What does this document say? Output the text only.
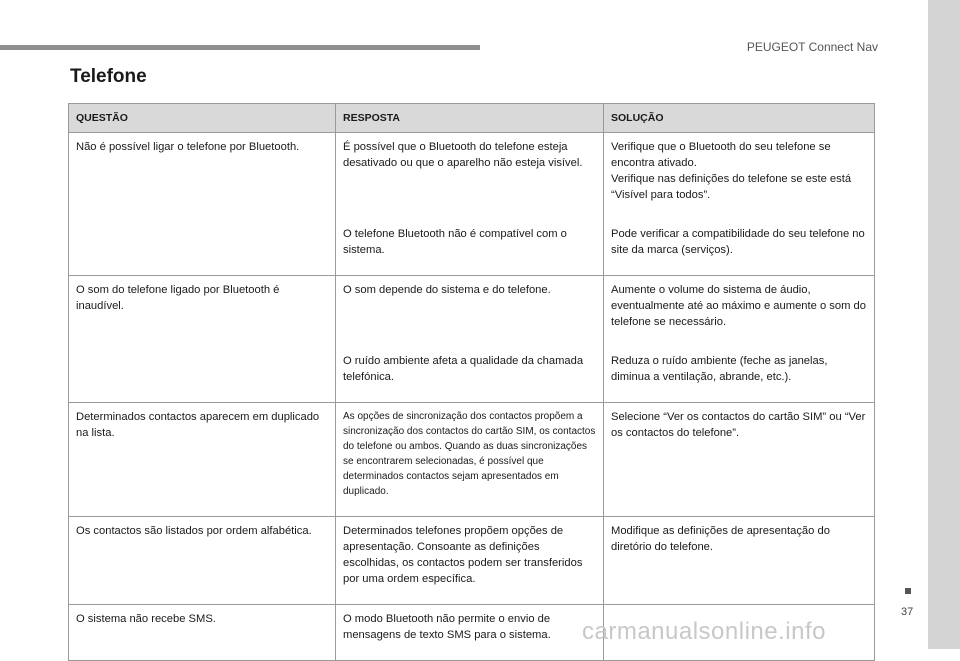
PEUGEOT Connect Nav
Telefone
QUESTÃO	RESPOSTA	SOLUÇÃO
Não é possível ligar o telefone por Bluetooth.	É possível que o Bluetooth do telefone esteja desativado ou que o aparelho não esteja visível.	Verifique que o Bluetooth do seu telefone se encontra ativado.
Verifique nas definições do telefone se este está “Visível para todos”.
	O telefone Bluetooth não é compatível com o sistema.	Pode verificar a compatibilidade do seu telefone no site da marca (serviços).
O som do telefone ligado por Bluetooth é inaudível.	O som depende do sistema e do telefone.	Aumente o volume do sistema de áudio, eventualmente até ao máximo e aumente o som do telefone se necessário.
	O ruído ambiente afeta a qualidade da chamada telefónica.	Reduza o ruído ambiente (feche as janelas, diminua a ventilação, abrande, etc.).
Determinados contactos aparecem em duplicado na lista.	As opções de sincronização dos contactos propõem a sincronização dos contactos do cartão SIM, os contactos do telefone ou ambos. Quando as duas sincronizações se encontrarem selecionadas, é possível que determinados contactos sejam apresentados em duplicado.	Selecione “Ver os contactos do cartão SIM” ou “Ver os contactos do telefone”.
Os contactos são listados por ordem alfabética.	Determinados telefones propõem opções de apresentação. Consoante as definições escolhidas, os contactos podem ser transferidos por uma ordem específica.	Modifique as definições de apresentação do diretório do telefone.
O sistema não recebe SMS.	O modo Bluetooth não permite o envio de mensagens de texto SMS para o sistema.	
37
carmanualsonline.info
